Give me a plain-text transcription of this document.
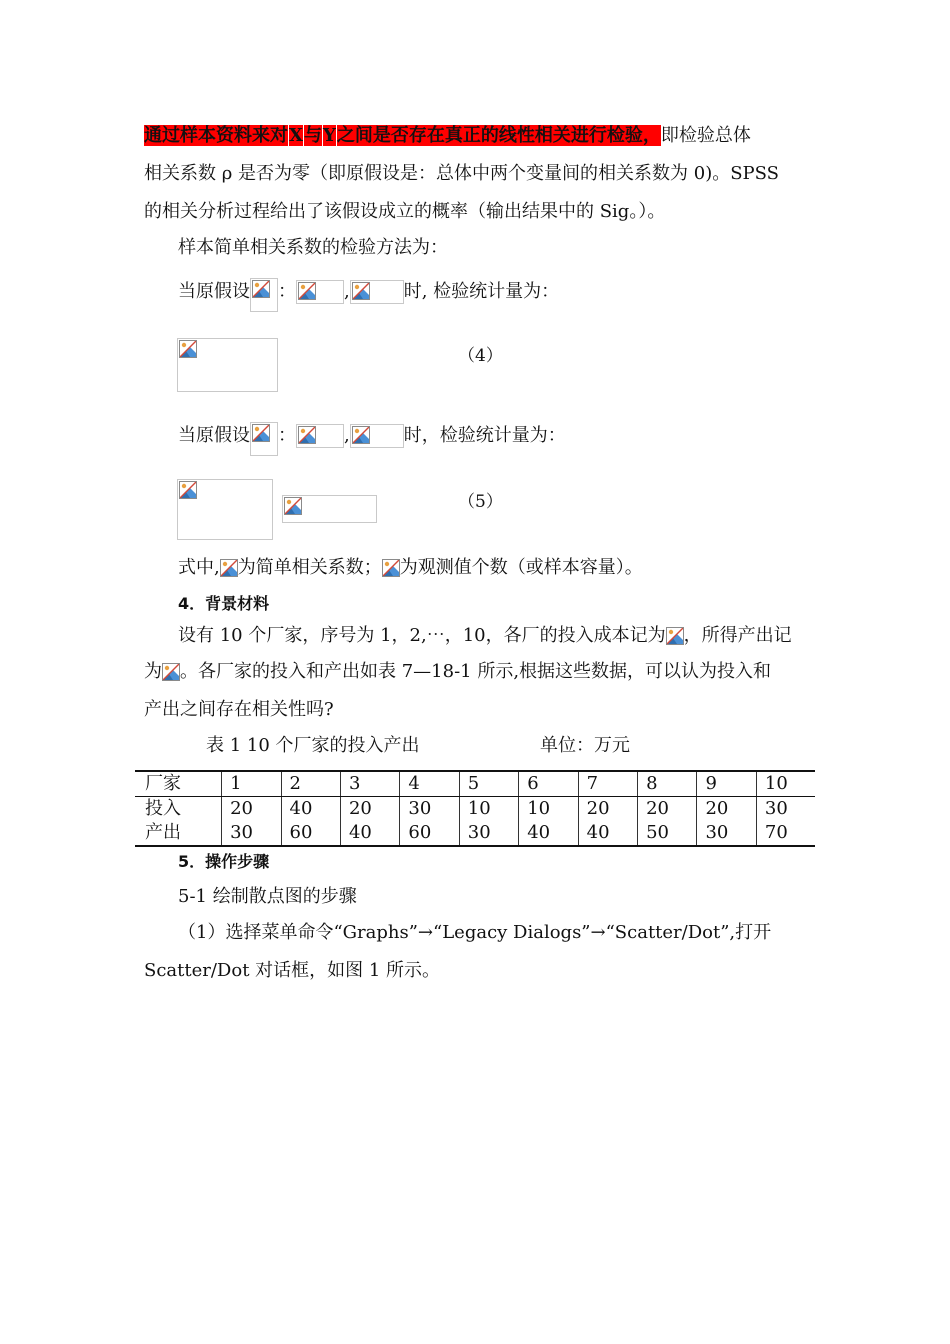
通过样本资料来对X与Y之间是否存在真正的线性相关进行检验，即检验总体
相关系数 ρ 是否为零（即原假设是：总体中两个变量间的相关系数为 0)。SPSS
的相关分析过程给出了该假设成立的概率（输出结果中的 Sig。）。
样本简单相关系数的检验方法为：
当原假设 ：	,	时, 检验统计量为：
（4）
当原假设 ：	,	时，检验统计量为：
（5）
式中, 为简单相关系数； 为观测值个数（或样本容量）。
4．背景材料
设有 10 个厂家，序号为 1，2,⋯，10，各厂的投入成本记为 ，所得产出记
为 。各厂家的投入和产出如表 7—18-1 所示,根据这些数据，可以认为投入和
产出之间存在相关性吗?
表 1 10 个厂家的投入产出	单位：万元
厂家	1	2	3	4	5	6	7	8	9	10
投入	20	40	20	30	10	10	20	20	20	30
产出	30	60	40	60	30	40	40	50	30	70
5．操作步骤
5-1 绘制散点图的步骤
（1）选择菜单命令“Graphs”→“Legacy Dialogs”→“Scatter/Dot”,打开
Scatter/Dot 对话框，如图 1 所示。
